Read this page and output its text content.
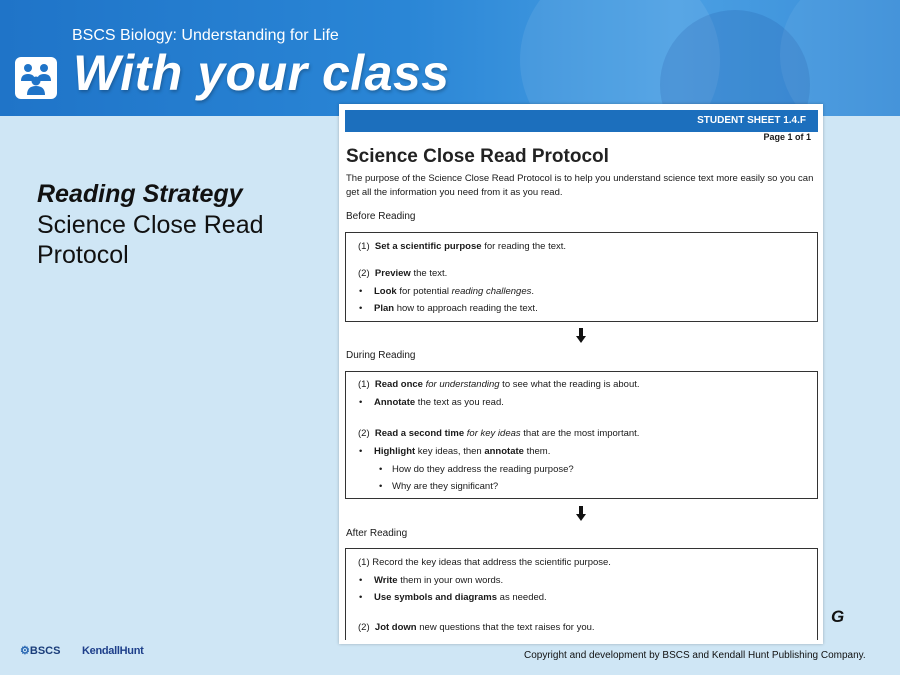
BSCS Biology: Understanding for Life
With your class
Reading Strategy
Science Close Read Protocol
STUDENT SHEET 1.4.F
Page 1 of 1
Science Close Read Protocol
The purpose of the Science Close Read Protocol is to help you understand science text more easily so you can get all the information you need from it as you read.
Before Reading
(1) Set a scientific purpose for reading the text.
(2) Preview the text.
• Look for potential reading challenges.
• Plan how to approach reading the text.
During Reading
(1) Read once for understanding to see what the reading is about.
• Annotate the text as you read.
(2) Read a second time for key ideas that are the most important.
• Highlight key ideas, then annotate them.
• How do they address the reading purpose?
• Why are they significant?
After Reading
(1) Record the key ideas that address the scientific purpose.
• Write them in your own words.
• Use symbols and diagrams as needed.
(2) Jot down new questions that the text raises for you.
G
⚙BSCS KendallHunt	Copyright and development by BSCS and Kendall Hunt Publishing Company.
